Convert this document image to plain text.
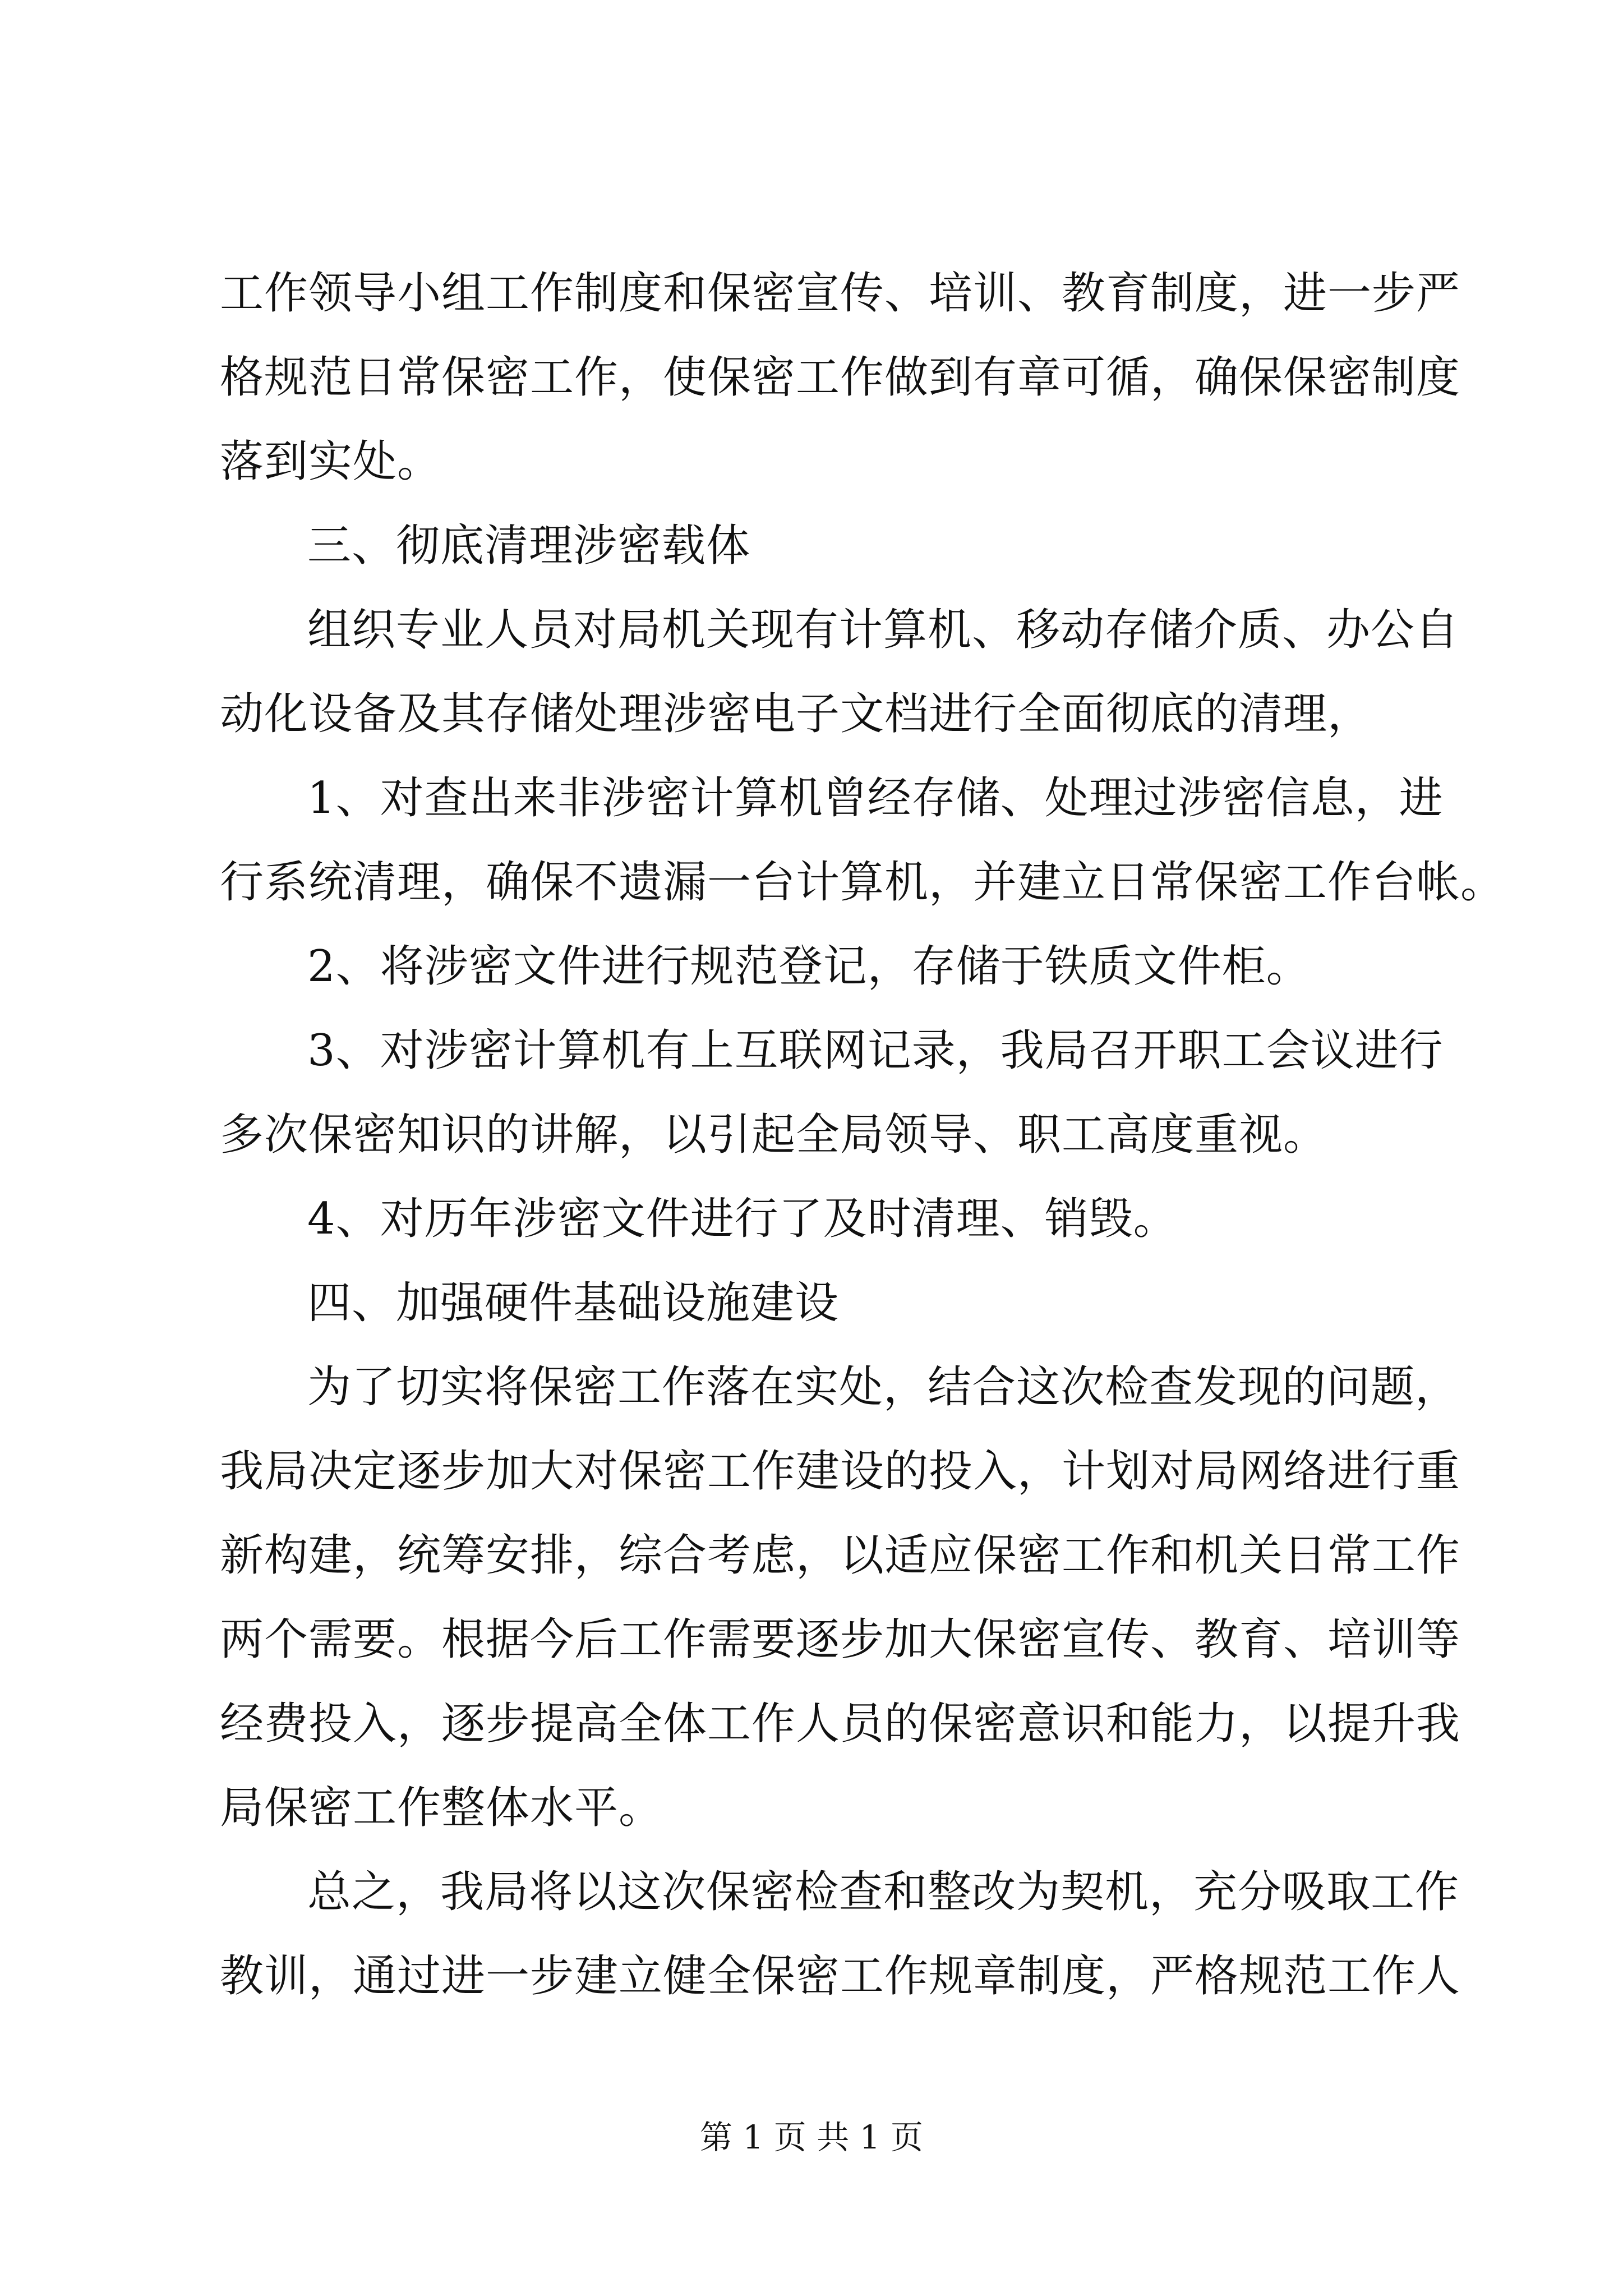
工作领导小组工作制度和保密宣传、培训、教育制度，进一步严
格规范日常保密工作，使保密工作做到有章可循，确保保密制度
落到实处。
三、彻底清理涉密载体
组织专业人员对局机关现有计算机、移动存储介质、办公自
动化设备及其存储处理涉密电子文档进行全面彻底的清理，
1、对查出来非涉密计算机曾经存储、处理过涉密信息，进
行系统清理，确保不遗漏一台计算机，并建立日常保密工作台帐。
2、将涉密文件进行规范登记，存储于铁质文件柜。
3、对涉密计算机有上互联网记录，我局召开职工会议进行
多次保密知识的讲解，以引起全局领导、职工高度重视。
4、对历年涉密文件进行了及时清理、销毁。
四、加强硬件基础设施建设
为了切实将保密工作落在实处，结合这次检查发现的问题，
我局决定逐步加大对保密工作建设的投入，计划对局网络进行重
新构建，统筹安排，综合考虑，以适应保密工作和机关日常工作
两个需要。根据今后工作需要逐步加大保密宣传、教育、培训等
经费投入，逐步提高全体工作人员的保密意识和能力，以提升我
局保密工作整体水平。
总之，我局将以这次保密检查和整改为契机，充分吸取工作
教训，通过进一步建立健全保密工作规章制度，严格规范工作人
第 1 页 共 1 页
